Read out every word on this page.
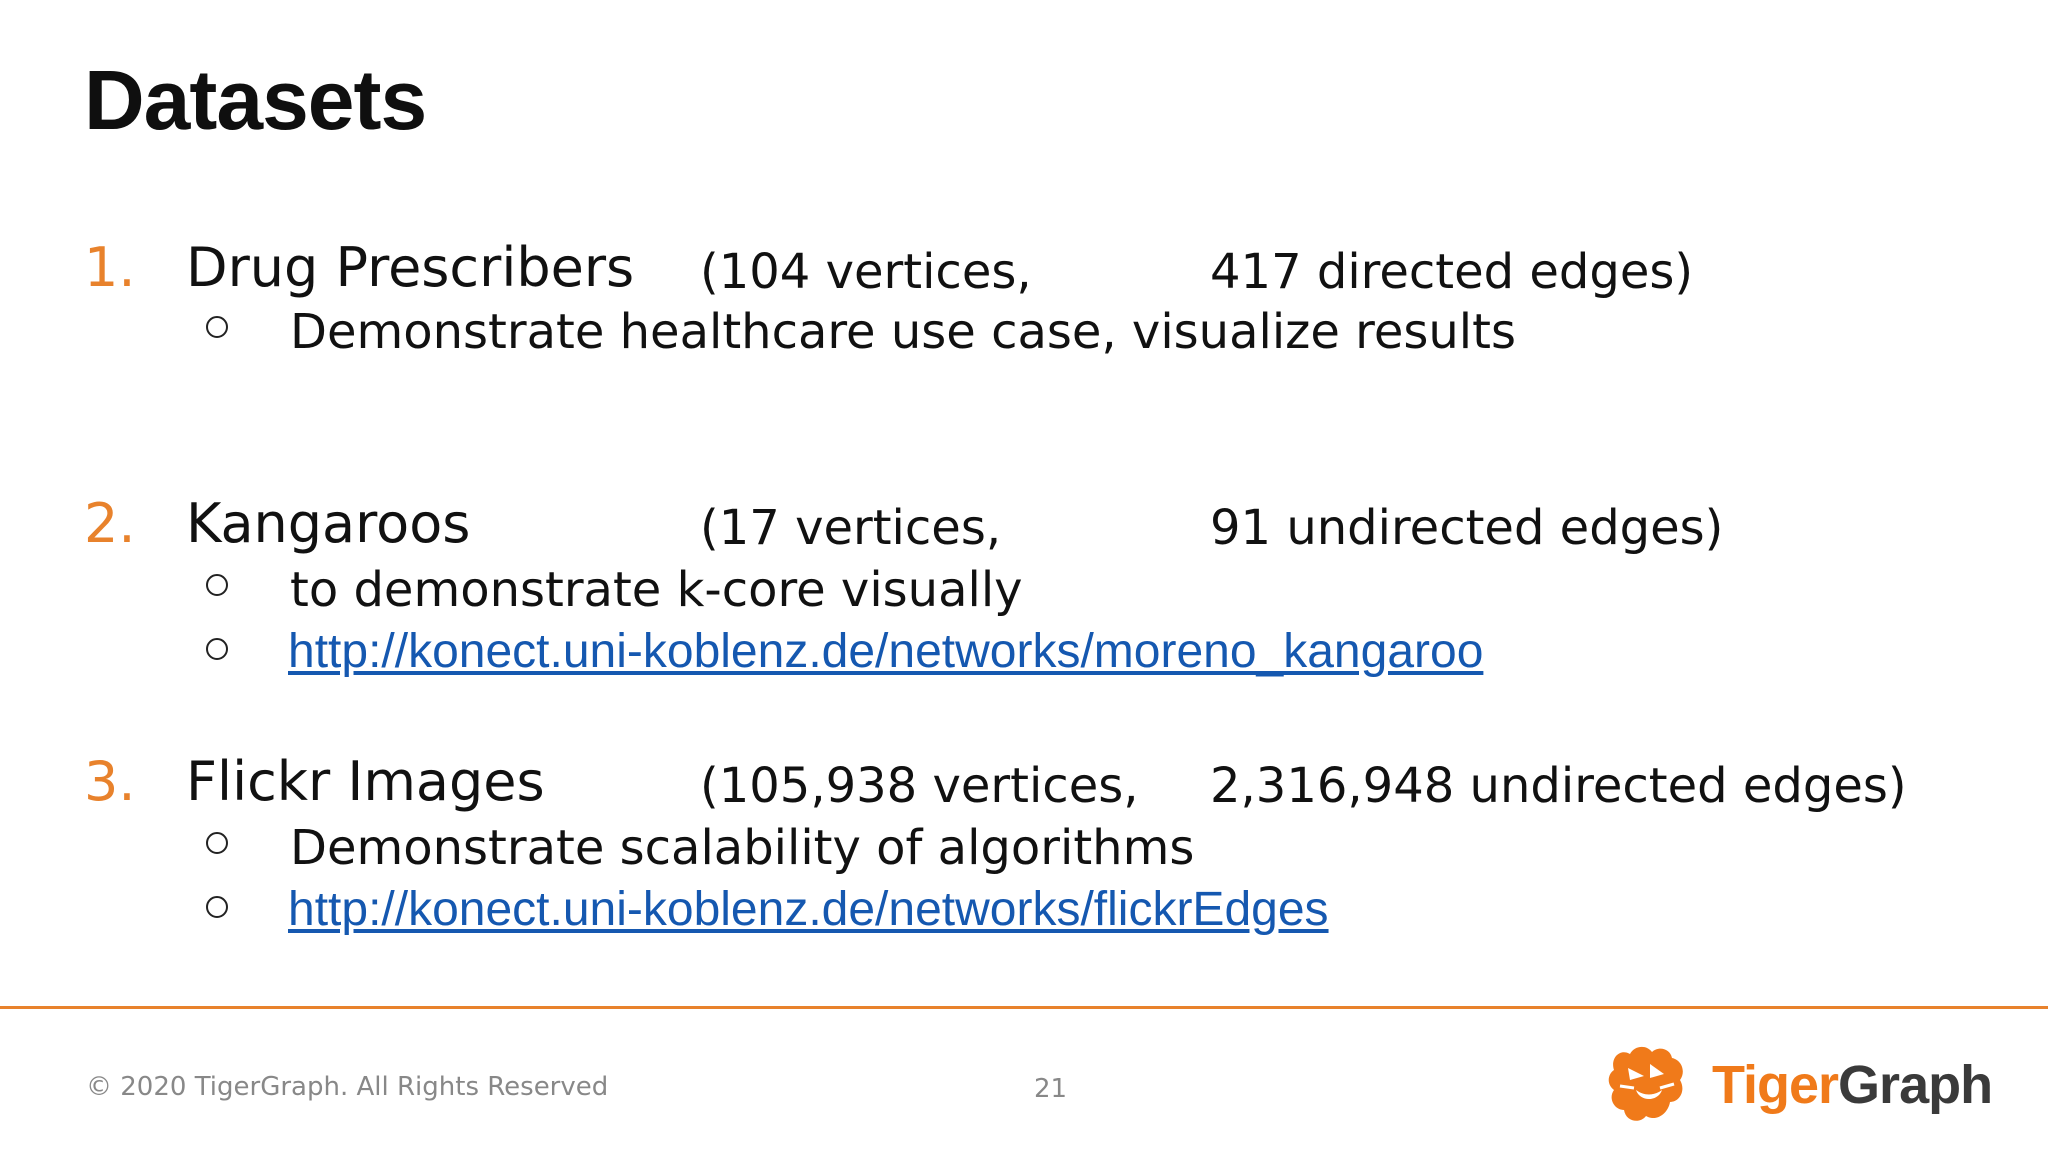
Datasets
1. Drug Prescribers (104 vertices,	417 directed edges)
Demonstrate healthcare use case, visualize results
2. Kangaroos	(17 vertices,	91 undirected edges)
to demonstrate k-core visually
http://konect.uni-koblenz.de/networks/moreno_kangaroo
3. Flickr Images	(105,938 vertices, 2,316,948 undirected edges)
Demonstrate scalability of algorithms
http://konect.uni-koblenz.de/networks/flickrEdges
© 2020 TigerGraph. All Rights Reserved	21	TigerGraph
